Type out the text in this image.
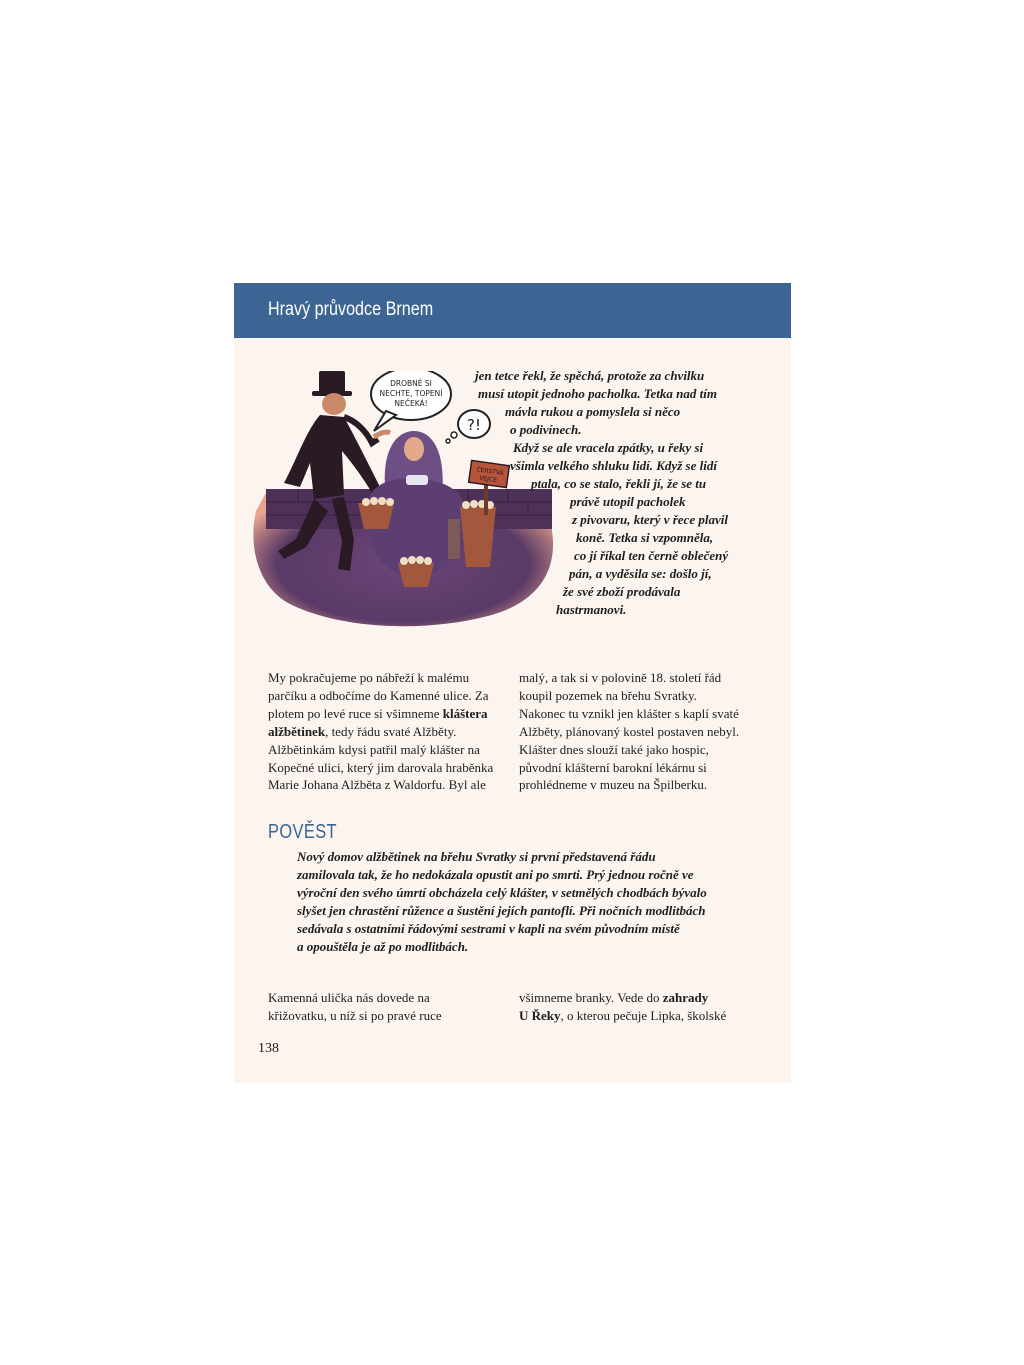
Hravý průvodce Brnem
ČERSTVÁ
VEJCE
DROBNÉ SI
NECHTE, TOPENÍ
NEČEKÁ!
?!
jen tetce řekl, že spěchá, protože za chvilku
musí utopit jednoho pacholka. Tetka nad tím
mávla rukou a pomyslela si něco
o podivínech.
Když se ale vracela zpátky, u řeky si
všimla velkého shluku lidí. Když se lidí
ptala, co se stalo, řekli jí, že se tu
právě utopil pacholek
z pivovaru, který v řece plavil
koně. Tetka si vzpomněla,
co jí říkal ten černě oblečený
pán, a vyděsila se: došlo jí,
že své zboží prodávala
hastrmanovi.
My pokračujeme po nábřeží k malému
parčíku a odbočíme do Kamenné ulice. Za
plotem po levé ruce si všimneme kláštera
alžbětinek, tedy řádu svaté Alžběty.
Alžbětinkám kdysi patřil malý klášter na
Kopečné ulici, který jim darovala hraběnka
Marie Johana Alžběta z Waldorfu. Byl ale
malý, a tak si v polovině 18. století řád
koupil pozemek na břehu Svratky.
Nakonec tu vznikl jen klášter s kaplí svaté
Alžběty, plánovaný kostel postaven nebyl.
Klášter dnes slouží také jako hospic,
původní klášterní barokní lékárnu si
prohlédneme v muzeu na Špilberku.
POVĚST
Nový domov alžbětinek na břehu Svratky si první představená řádu
zamilovala tak, že ho nedokázala opustit ani po smrti. Prý jednou ročně ve
výroční den svého úmrtí obcházela celý klášter, v setmělých chodbách bývalo
slyšet jen chrastění růžence a šustění jejích pantoflí. Při nočních modlitbách
sedávala s ostatními řádovými sestrami v kapli na svém původním místě
a opouštěla je až po modlitbách.
Kamenná ulička nás dovede na
křižovatku, u níž si po pravé ruce
všimneme branky. Vede do zahrady
U Řeky, o kterou pečuje Lipka, školské
138
